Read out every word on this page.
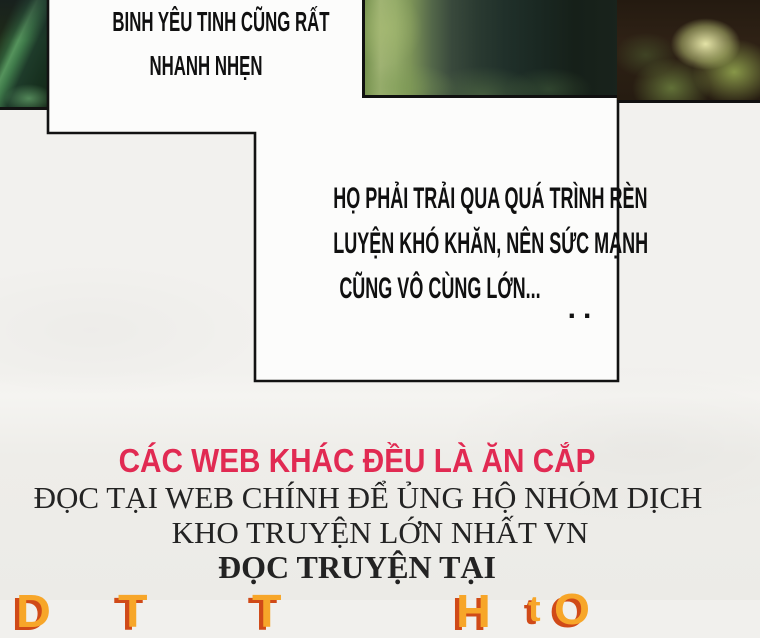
BINH YÊU TINH CŨNG RẤT
NHANH NHẸN
HỌ PHẢI TRẢI QUA QUÁ TRÌNH RÈN
LUYỆN KHÓ KHĂN, NÊN SỨC MẠNH
CŨNG VÔ CÙNG LỚN...
..
CÁC WEB KHÁC ĐỀU LÀ ĂN CẮP
ĐỌC TẠI WEB CHÍNH ĐỂ ỦNG HỘ NHÓM DỊCH
KHO TRUYỆN LỚN NHẤT VN
ĐỌC TRUYỆN TẠI
D T T	H t O
